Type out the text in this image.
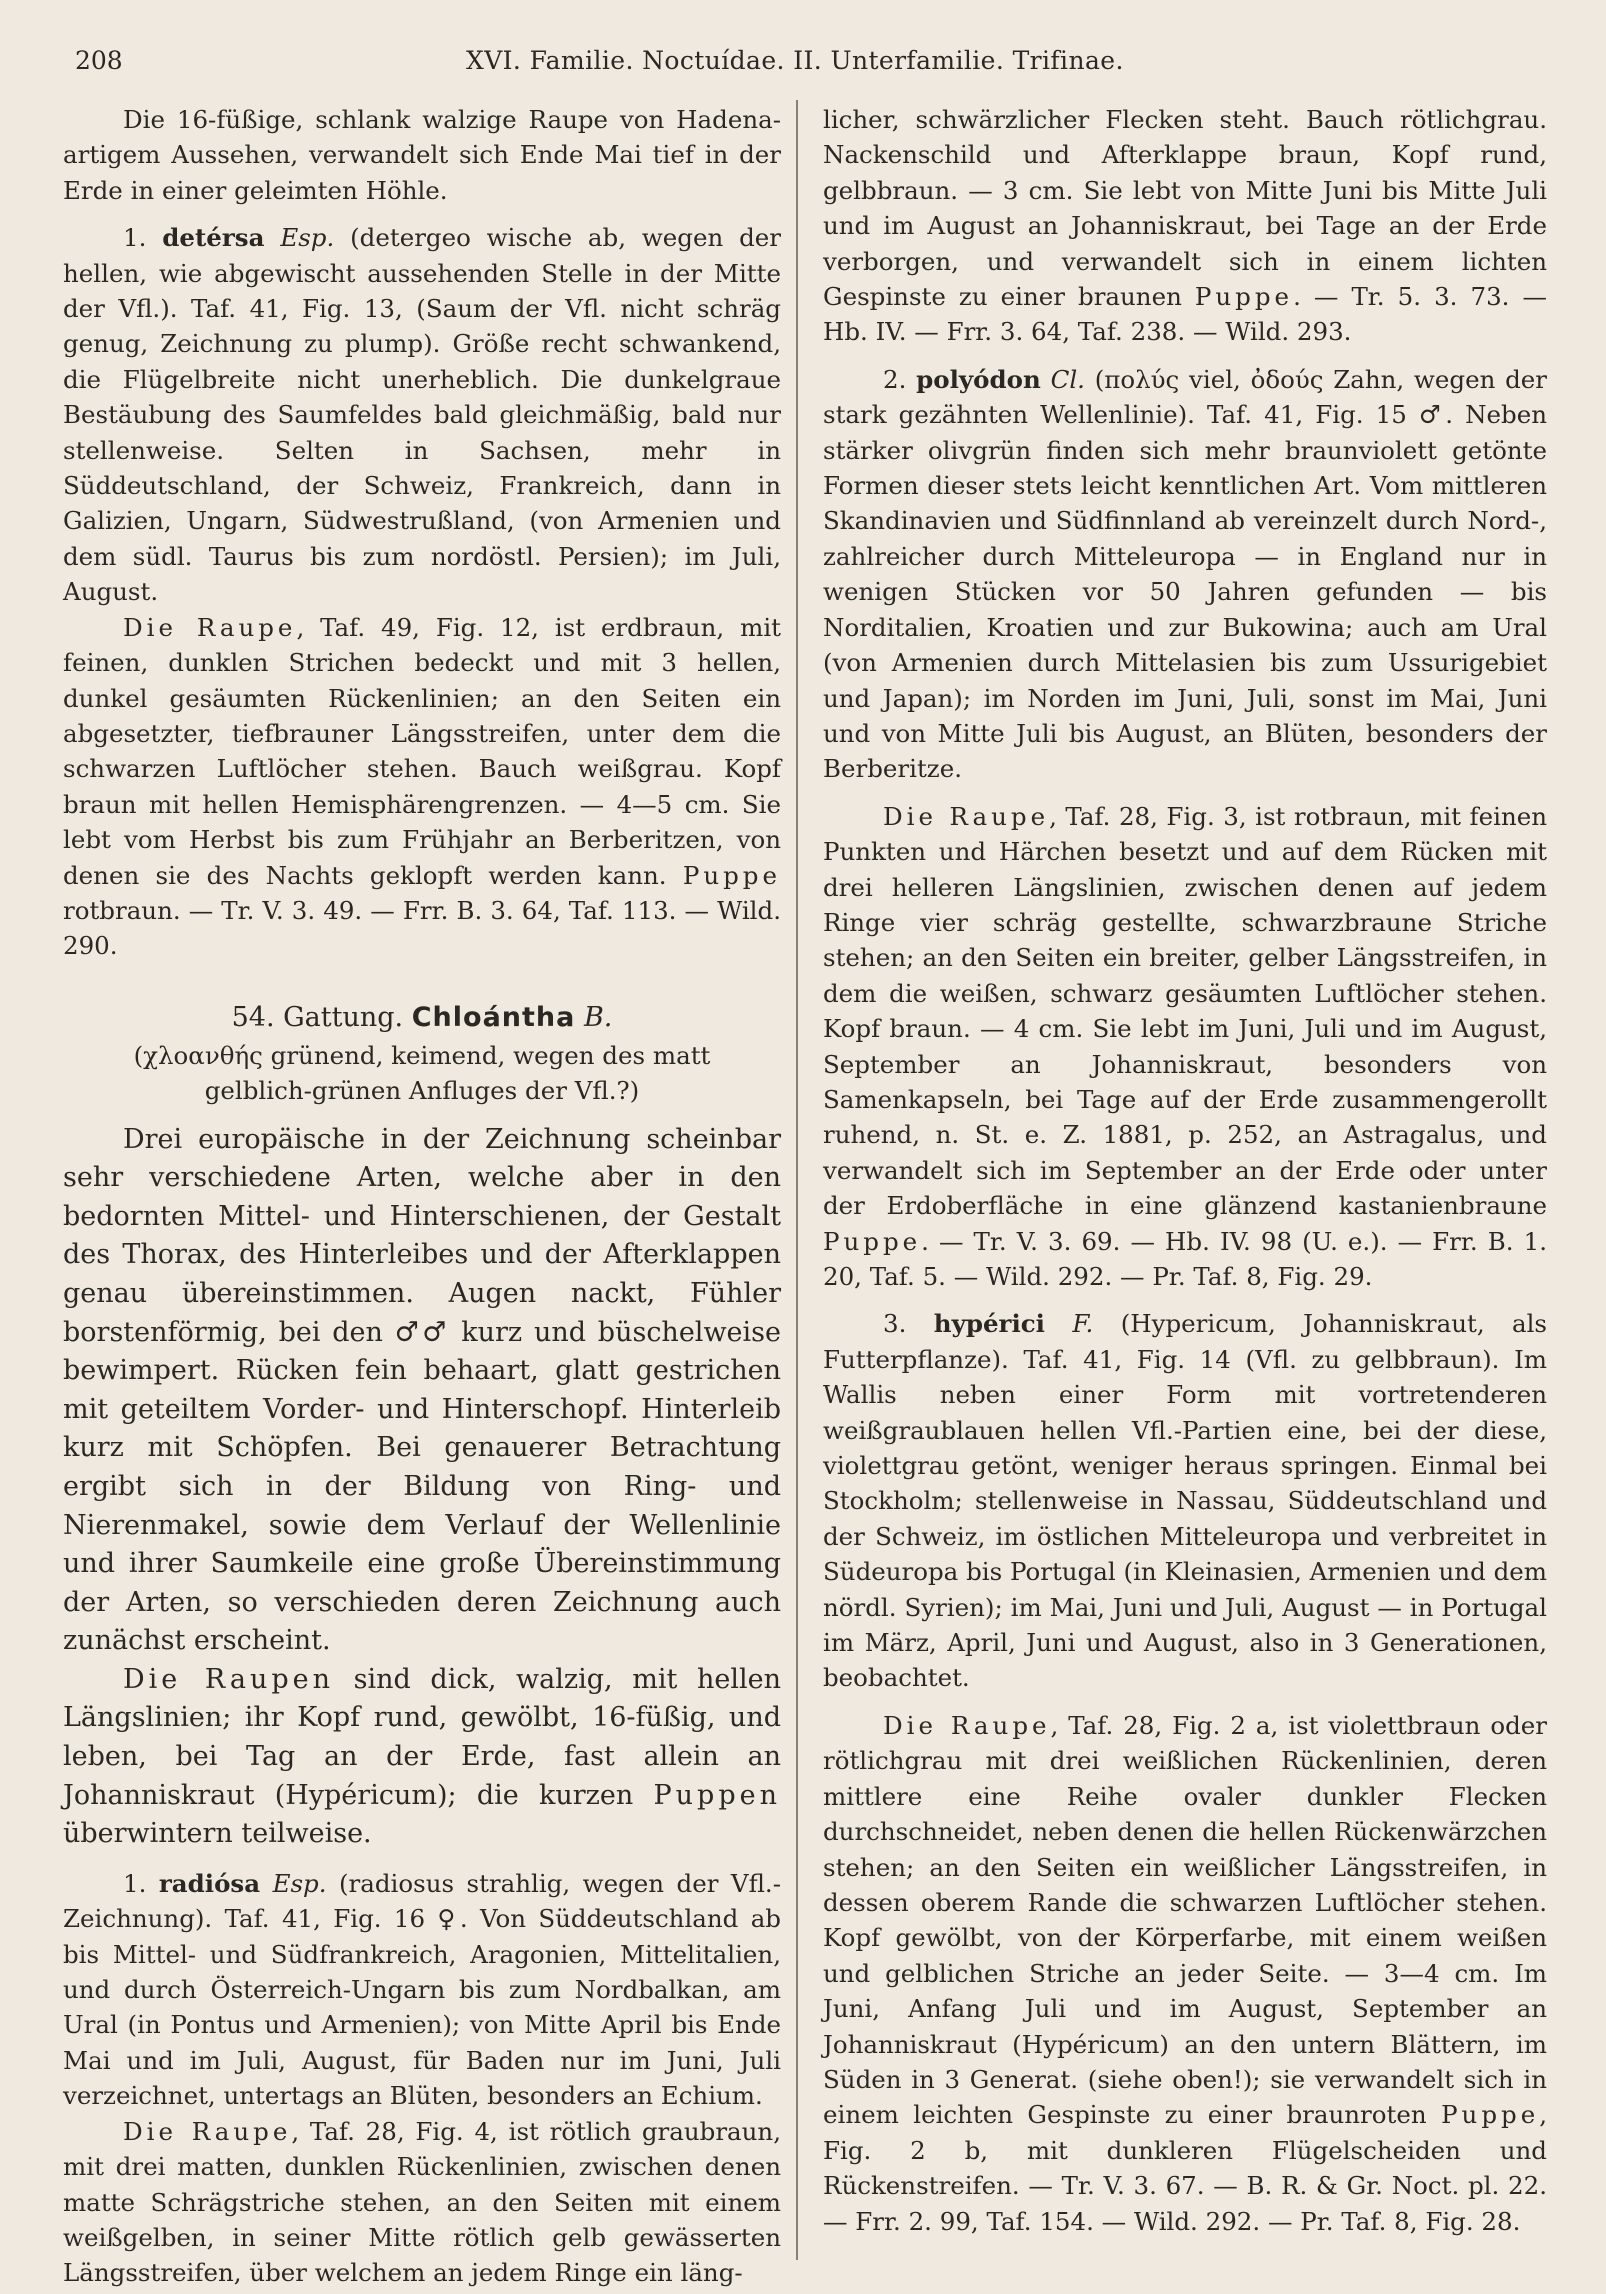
208	XVI. Familie. Noctuídae. II. Unterfamilie. Trifinae.

Die 16-füßige, schlank walzige Raupe von Hadena-artigem Aussehen, verwandelt sich Ende Mai tief in der Erde in einer geleimten Höhle.

1. detérsa Esp. (detergeo wische ab, wegen der hellen, wie abgewischt aussehenden Stelle in der Mitte der Vfl.). Taf. 41, Fig. 13, (Saum der Vfl. nicht schräg genug, Zeichnung zu plump). Größe recht schwankend, die Flügelbreite nicht unerheblich. Die dunkelgraue Bestäubung des Saumfeldes bald gleichmäßig, bald nur stellenweise. Selten in Sachsen, mehr in Süddeutschland, der Schweiz, Frankreich, dann in Galizien, Ungarn, Südwestrußland, (von Armenien und dem südl. Taurus bis zum nordöstl. Persien); im Juli, August.

Die Raupe, Taf. 49, Fig. 12, ist erdbraun, mit feinen, dunklen Strichen bedeckt und mit 3 hellen, dunkel gesäumten Rückenlinien; an den Seiten ein abgesetzter, tiefbrauner Längsstreifen, unter dem die schwarzen Luftlöcher stehen. Bauch weißgrau. Kopf braun mit hellen Hemisphärengrenzen. — 4—5 cm. Sie lebt vom Herbst bis zum Frühjahr an Berberitzen, von denen sie des Nachts geklopft werden kann. Puppe rotbraun. — Tr. V. 3. 49. — Frr. B. 3. 64, Taf. 113. — Wild. 290.

54. Gattung. Chloántha B.

(χλοανθής grünend, keimend, wegen des matt gelblich-grünen Anfluges der Vfl.?)

Drei europäische in der Zeichnung scheinbar sehr verschiedene Arten, welche aber in den bedornten Mittel- und Hinterschienen, der Gestalt des Thorax, des Hinterleibes und der Afterklappen genau übereinstimmen. Augen nackt, Fühler borstenförmig, bei den ♂♂ kurz und büschelweise bewimpert. Rücken fein behaart, glatt gestrichen mit geteiltem Vorder- und Hinterschopf. Hinterleib kurz mit Schöpfen. Bei genauerer Betrachtung ergibt sich in der Bildung von Ring- und Nierenmakel, sowie dem Verlauf der Wellenlinie und ihrer Saumkeile eine große Übereinstimmung der Arten, so verschieden deren Zeichnung auch zunächst erscheint.

Die Raupen sind dick, walzig, mit hellen Längslinien; ihr Kopf rund, gewölbt, 16-füßig, und leben, bei Tag an der Erde, fast allein an Johanniskraut (Hypéricum); die kurzen Puppen überwintern teilweise.

1. radiósa Esp. (radiosus strahlig, wegen der Vfl.-Zeichnung). Taf. 41, Fig. 16 ♀. Von Süddeutschland ab bis Mittel- und Südfrankreich, Aragonien, Mittelitalien, und durch Österreich-Ungarn bis zum Nordbalkan, am Ural (in Pontus und Armenien); von Mitte April bis Ende Mai und im Juli, August, für Baden nur im Juni, Juli verzeichnet, untertags an Blüten, besonders an Echium.

Die Raupe, Taf. 28, Fig. 4, ist rötlich graubraun, mit drei matten, dunklen Rückenlinien, zwischen denen matte Schrägstriche stehen, an den Seiten mit einem weißgelben, in seiner Mitte rötlich gelb gewässerten Längsstreifen, über welchem an jedem Ringe ein läng-

licher, schwärzlicher Flecken steht. Bauch rötlichgrau. Nackenschild und Afterklappe braun, Kopf rund, gelbbraun. — 3 cm. Sie lebt von Mitte Juni bis Mitte Juli und im August an Johanniskraut, bei Tage an der Erde verborgen, und verwandelt sich in einem lichten Gespinste zu einer braunen Puppe. — Tr. 5. 3. 73. — Hb. IV. — Frr. 3. 64, Taf. 238. — Wild. 293.

2. polyódon Cl. (πολύς viel, ὀδούς Zahn, wegen der stark gezähnten Wellenlinie). Taf. 41, Fig. 15 ♂. Neben stärker olivgrün finden sich mehr braunviolett getönte Formen dieser stets leicht kenntlichen Art. Vom mittleren Skandinavien und Südfinnland ab vereinzelt durch Nord-, zahlreicher durch Mitteleuropa — in England nur in wenigen Stücken vor 50 Jahren gefunden — bis Norditalien, Kroatien und zur Bukowina; auch am Ural (von Armenien durch Mittelasien bis zum Ussurigebiet und Japan); im Norden im Juni, Juli, sonst im Mai, Juni und von Mitte Juli bis August, an Blüten, besonders der Berberitze.

Die Raupe, Taf. 28, Fig. 3, ist rotbraun, mit feinen Punkten und Härchen besetzt und auf dem Rücken mit drei helleren Längslinien, zwischen denen auf jedem Ringe vier schräg gestellte, schwarzbraune Striche stehen; an den Seiten ein breiter, gelber Längsstreifen, in dem die weißen, schwarz gesäumten Luftlöcher stehen. Kopf braun. — 4 cm. Sie lebt im Juni, Juli und im August, September an Johanniskraut, besonders von Samenkapseln, bei Tage auf der Erde zusammengerollt ruhend, n. St. e. Z. 1881, p. 252, an Astragalus, und verwandelt sich im September an der Erde oder unter der Erdoberfläche in eine glänzend kastanienbraune Puppe. — Tr. V. 3. 69. — Hb. IV. 98 (U. e.). — Frr. B. 1. 20, Taf. 5. — Wild. 292. — Pr. Taf. 8, Fig. 29.

3. hypérici F. (Hypericum, Johanniskraut, als Futterpflanze). Taf. 41, Fig. 14 (Vfl. zu gelbbraun). Im Wallis neben einer Form mit vortretenderen weißgraublauen hellen Vfl.-Partien eine, bei der diese, violettgrau getönt, weniger heraus springen. Einmal bei Stockholm; stellenweise in Nassau, Süddeutschland und der Schweiz, im östlichen Mitteleuropa und verbreitet in Südeuropa bis Portugal (in Kleinasien, Armenien und dem nördl. Syrien); im Mai, Juni und Juli, August — in Portugal im März, April, Juni und August, also in 3 Generationen, beobachtet.

Die Raupe, Taf. 28, Fig. 2 a, ist violettbraun oder rötlichgrau mit drei weißlichen Rückenlinien, deren mittlere eine Reihe ovaler dunkler Flecken durchschneidet, neben denen die hellen Rückenwärzchen stehen; an den Seiten ein weißlicher Längsstreifen, in dessen oberem Rande die schwarzen Luftlöcher stehen. Kopf gewölbt, von der Körperfarbe, mit einem weißen und gelblichen Striche an jeder Seite. — 3—4 cm. Im Juni, Anfang Juli und im August, September an Johanniskraut (Hypéricum) an den untern Blättern, im Süden in 3 Generat. (siehe oben!); sie verwandelt sich in einem leichten Gespinste zu einer braunroten Puppe, Fig. 2 b, mit dunkleren Flügelscheiden und Rückenstreifen. — Tr. V. 3. 67. — B. R. & Gr. Noct. pl. 22. — Frr. 2. 99, Taf. 154. — Wild. 292. — Pr. Taf. 8, Fig. 28.
